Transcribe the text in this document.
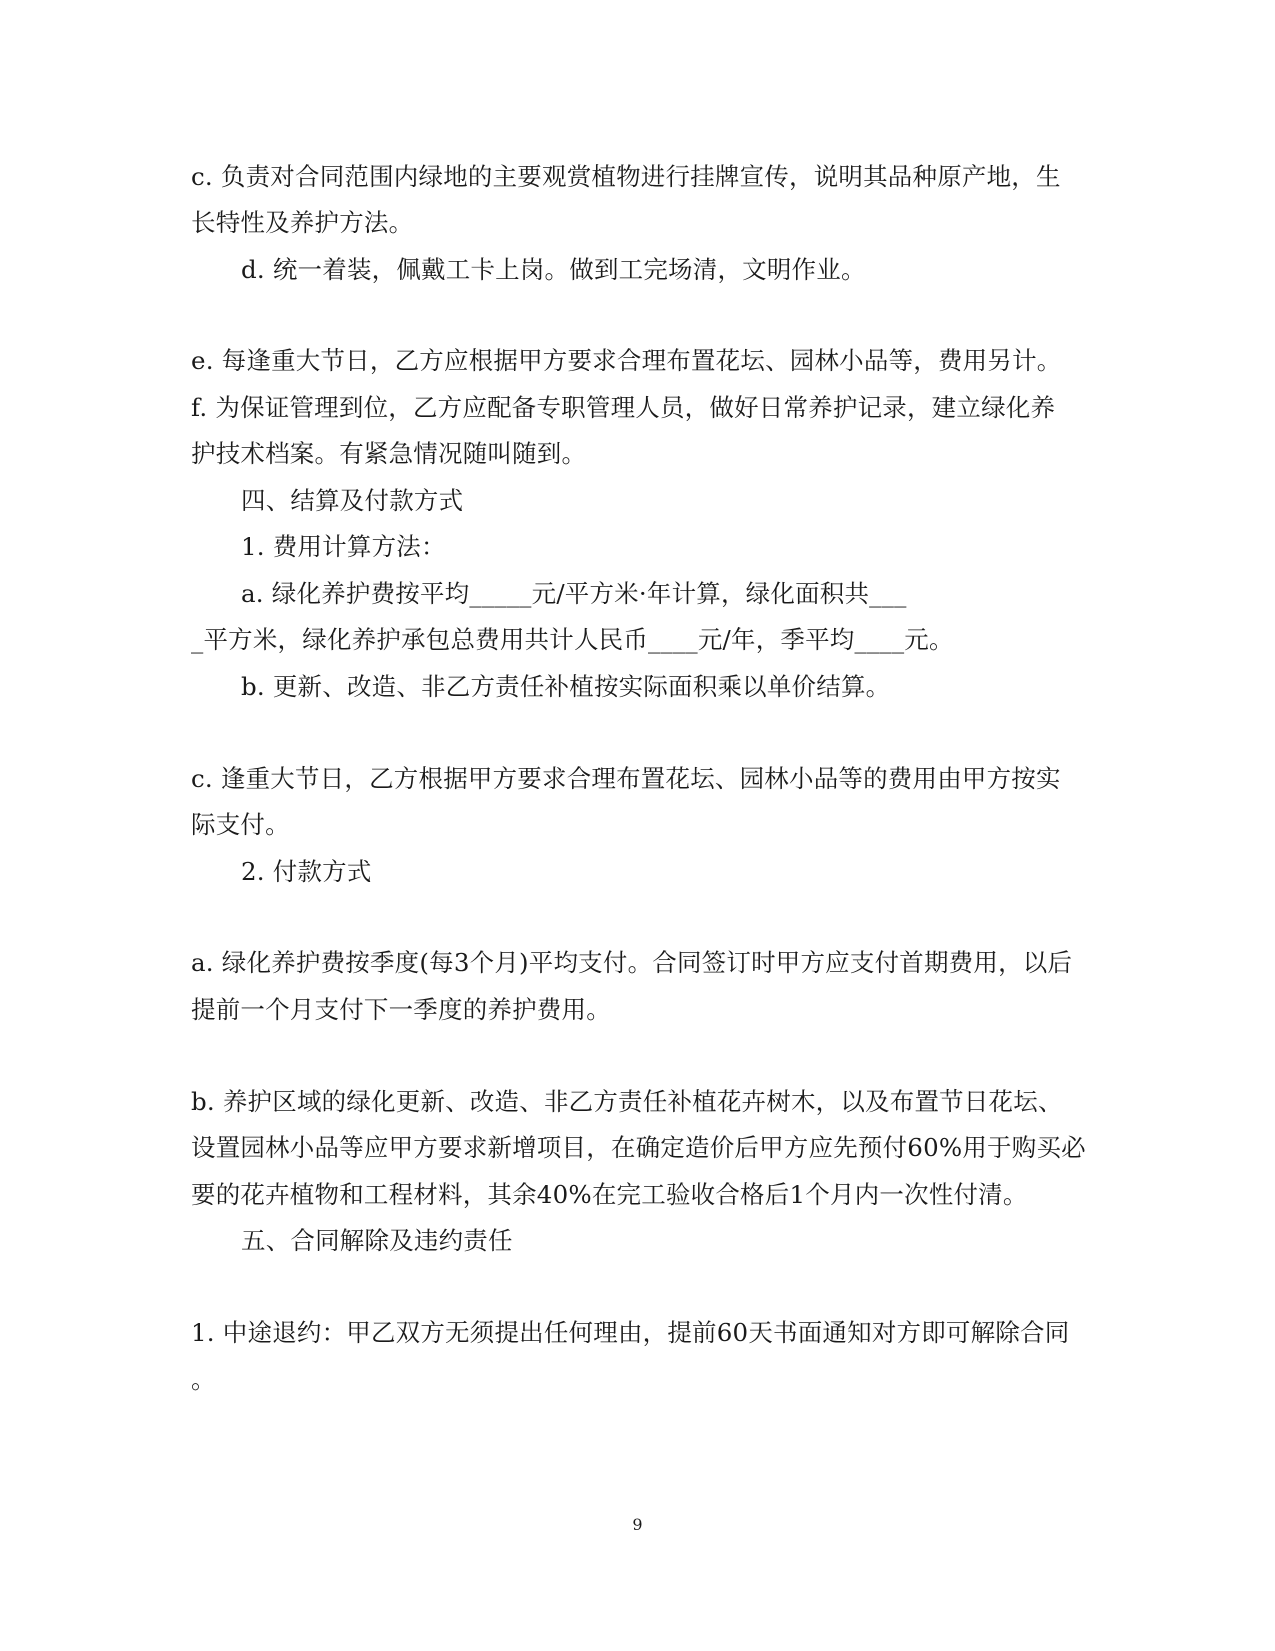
c. 负责对合同范围内绿地的主要观赏植物进行挂牌宣传，说明其品种原产地，生
长特性及养护方法。
d. 统一着装，佩戴工卡上岗。做到工完场清，文明作业。
e. 每逢重大节日，乙方应根据甲方要求合理布置花坛、园林小品等，费用另计。
f. 为保证管理到位，乙方应配备专职管理人员，做好日常养护记录，建立绿化养
护技术档案。有紧急情况随叫随到。
四、结算及付款方式
1. 费用计算方法：
a. 绿化养护费按平均_____元/平方米·年计算，绿化面积共___
_平方米，绿化养护承包总费用共计人民币____元/年，季平均____元。
b. 更新、改造、非乙方责任补植按实际面积乘以单价结算。
c. 逢重大节日，乙方根据甲方要求合理布置花坛、园林小品等的费用由甲方按实
际支付。
2. 付款方式
a. 绿化养护费按季度(每3个月)平均支付。合同签订时甲方应支付首期费用，以后
提前一个月支付下一季度的养护费用。
b. 养护区域的绿化更新、改造、非乙方责任补植花卉树木，以及布置节日花坛、
设置园林小品等应甲方要求新增项目，在确定造价后甲方应先预付60%用于购买必
要的花卉植物和工程材料，其余40%在完工验收合格后1个月内一次性付清。
五、合同解除及违约责任
1. 中途退约：甲乙双方无须提出任何理由，提前60天书面通知对方即可解除合同
。
9
